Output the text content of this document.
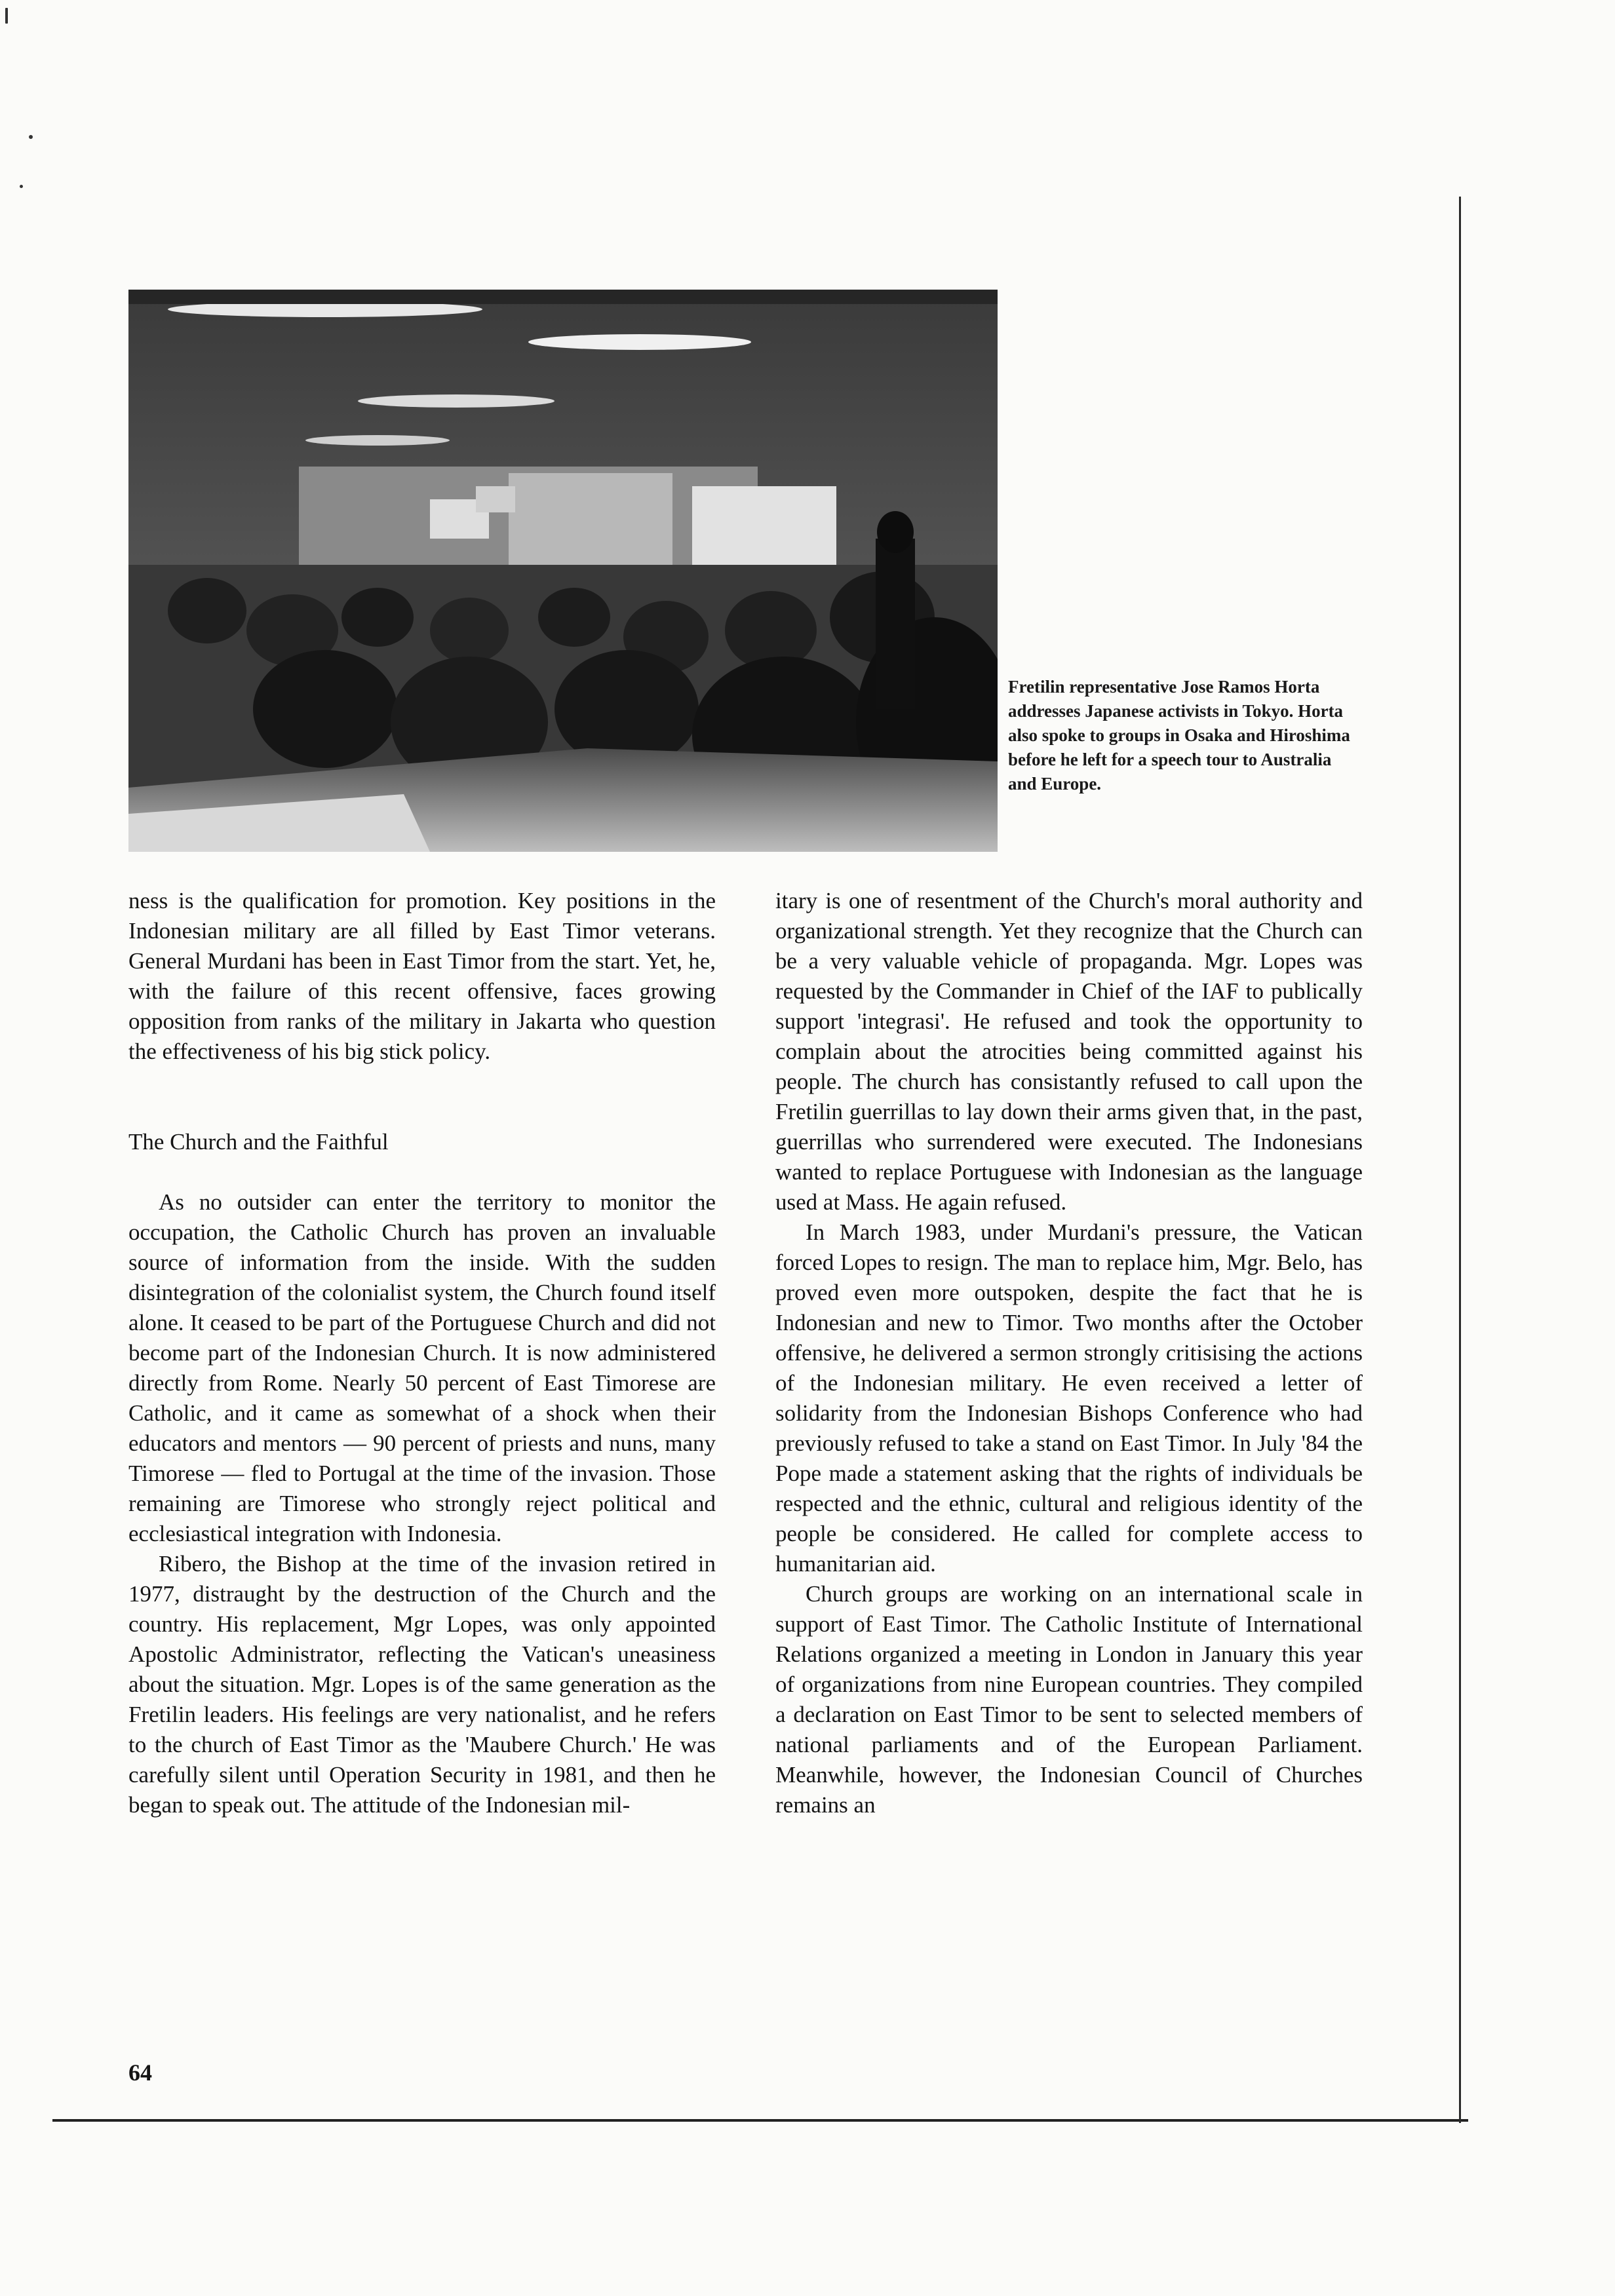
Fretilin representative Jose Ramos Horta addresses Japanese activists in Tokyo. Horta also spoke to groups in Osaka and Hiroshima before he left for a speech tour to Australia and Europe.

ness is the qualification for promotion. Key positions in the Indonesian military are all filled by East Timor veterans. General Murdani has been in East Timor from the start. Yet, he, with the failure of this recent offensive, faces growing opposition from ranks of the military in Jakarta who question the effectiveness of his big stick policy.

The Church and the Faithful

As no outsider can enter the territory to monitor the occupation, the Catholic Church has proven an invaluable source of information from the inside. With the sudden disintegration of the colonialist system, the Church found itself alone. It ceased to be part of the Portuguese Church and did not become part of the Indonesian Church. It is now administered directly from Rome. Nearly 50 percent of East Timorese are Catholic, and it came as somewhat of a shock when their educators and mentors — 90 percent of priests and nuns, many Timorese — fled to Portugal at the time of the invasion. Those remaining are Timorese who strongly reject political and ecclesiastical integration with Indonesia.

Ribero, the Bishop at the time of the invasion retired in 1977, distraught by the destruction of the Church and the country. His replacement, Mgr Lopes, was only appointed Apostolic Administrator, reflecting the Vatican's uneasiness about the situation. Mgr. Lopes is of the same generation as the Fretilin leaders. His feelings are very nationalist, and he refers to the church of East Timor as the 'Maubere Church.' He was carefully silent until Operation Security in 1981, and then he began to speak out. The attitude of the Indonesian mil-

itary is one of resentment of the Church's moral authority and organizational strength. Yet they recognize that the Church can be a very valuable vehicle of propaganda. Mgr. Lopes was requested by the Commander in Chief of the IAF to publically support 'integrasi'. He refused and took the opportunity to complain about the atrocities being committed against his people. The church has consistantly refused to call upon the Fretilin guerrillas to lay down their arms given that, in the past, guerrillas who surrendered were executed. The Indonesians wanted to replace Portuguese with Indonesian as the language used at Mass. He again refused.

In March 1983, under Murdani's pressure, the Vatican forced Lopes to resign. The man to replace him, Mgr. Belo, has proved even more outspoken, despite the fact that he is Indonesian and new to Timor. Two months after the October offensive, he delivered a sermon strongly critisising the actions of the Indonesian military. He even received a letter of solidarity from the Indonesian Bishops Conference who had previously refused to take a stand on East Timor. In July '84 the Pope made a statement asking that the rights of individuals be respected and the ethnic, cultural and religious identity of the people be considered. He called for complete access to humanitarian aid.

Church groups are working on an international scale in support of East Timor. The Catholic Institute of International Relations organized a meeting in London in January this year of organizations from nine European countries. They compiled a declaration on East Timor to be sent to selected members of national parliaments and of the European Parliament. Meanwhile, however, the Indonesian Council of Churches remains an

64
